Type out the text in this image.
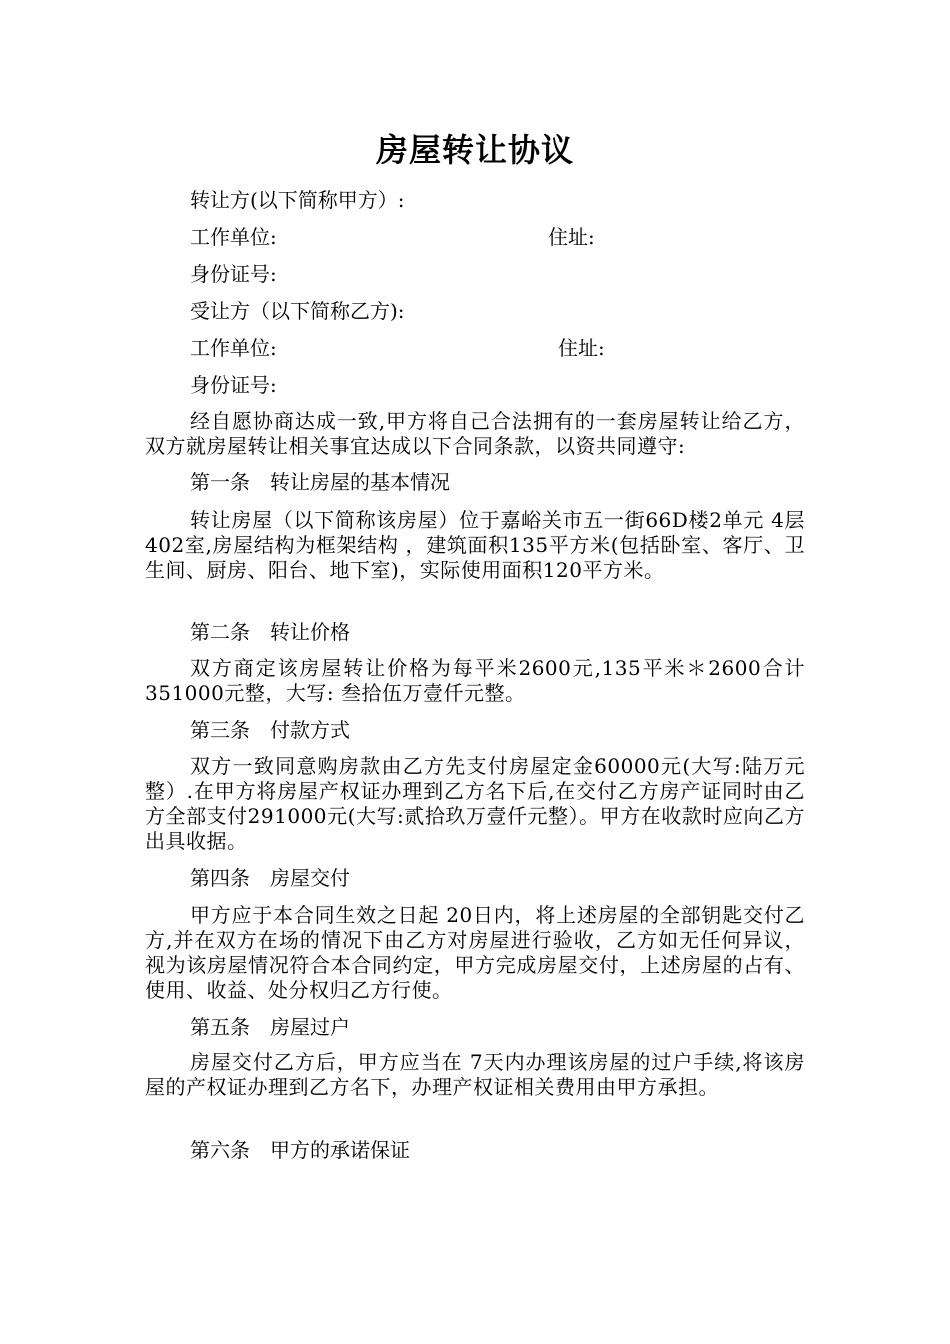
房屋转让协议
转让方(以下简称甲方）:
工作单位:	住址:
身份证号:
受让方（以下简称乙方):
工作单位:	住址:
身份证号:
经自愿协商达成一致,甲方将自己合法拥有的一套房屋转让给乙方，双方就房屋转让相关事宜达成以下合同条款，以资共同遵守:
第一条　转让房屋的基本情况
转让房屋（以下简称该房屋）位于嘉峪关市五一街66D楼2单元 4层402室,房屋结构为框架结构 ，建筑面积135平方米(包括卧室、客厅、卫生间、厨房、阳台、地下室)，实际使用面积120平方米。
第二条　转让价格
双方商定该房屋转让价格为每平米2600元,135平米＊2600合计 351000元整，大写: 叁拾伍万壹仟元整。
第三条　付款方式
双方一致同意购房款由乙方先支付房屋定金60000元(大写:陆万元整）.在甲方将房屋产权证办理到乙方名下后,在交付乙方房产证同时由乙方全部支付291000元(大写:贰拾玖万壹仟元整）。甲方在收款时应向乙方出具收据。
第四条　房屋交付
甲方应于本合同生效之日起 20日内，将上述房屋的全部钥匙交付乙方,并在双方在场的情况下由乙方对房屋进行验收，乙方如无任何异议，视为该房屋情况符合本合同约定，甲方完成房屋交付，上述房屋的占有、使用、收益、处分权归乙方行使。
第五条　房屋过户
房屋交付乙方后，甲方应当在 7天内办理该房屋的过户手续,将该房屋的产权证办理到乙方名下，办理产权证相关费用由甲方承担。
第六条　甲方的承诺保证
